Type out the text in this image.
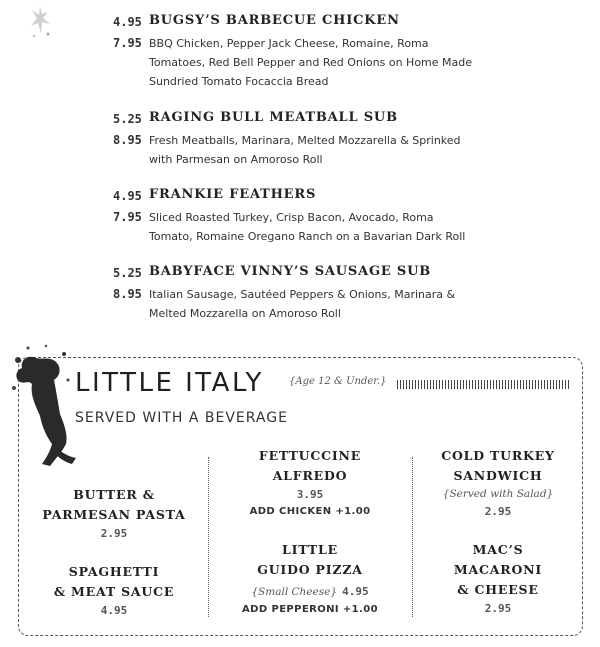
4.95
7.95
BUGSY’S BARBECUE CHICKEN
BBQ Chicken, Pepper Jack Cheese, Romaine, Roma Tomatoes, Red Bell Pepper and Red Onions on Home Made Sundried Tomato Focaccia Bread
5.25
8.95
RAGING BULL MEATBALL SUB
Fresh Meatballs, Marinara, Melted Mozzarella & Sprinked with Parmesan on Amoroso Roll
4.95
7.95
FRANKIE FEATHERS
Sliced Roasted Turkey, Crisp Bacon, Avocado, Roma Tomato, Romaine Oregano Ranch on a Bavarian Dark Roll
5.25
8.95
BABYFACE VINNY’S SAUSAGE SUB
Italian Sausage, Sautéed Peppers & Onions, Marinara & Melted Mozzarella on Amoroso Roll
LITTLE ITALY	{Age 12 & Under.}
SERVED WITH A BEVERAGE
BUTTER &
PARMESAN PASTA
2.95
SPAGHETTI
& MEAT SAUCE
4.95
FETTUCCINE
ALFREDO
3.95
ADD CHICKEN +1.00
LITTLE
GUIDO PIZZA
{Small Cheese} 4.95
ADD PEPPERONI +1.00
COLD TURKEY
SANDWICH
{Served with Salad}
2.95
MAC’S
MACARONI
& CHEESE
2.95
